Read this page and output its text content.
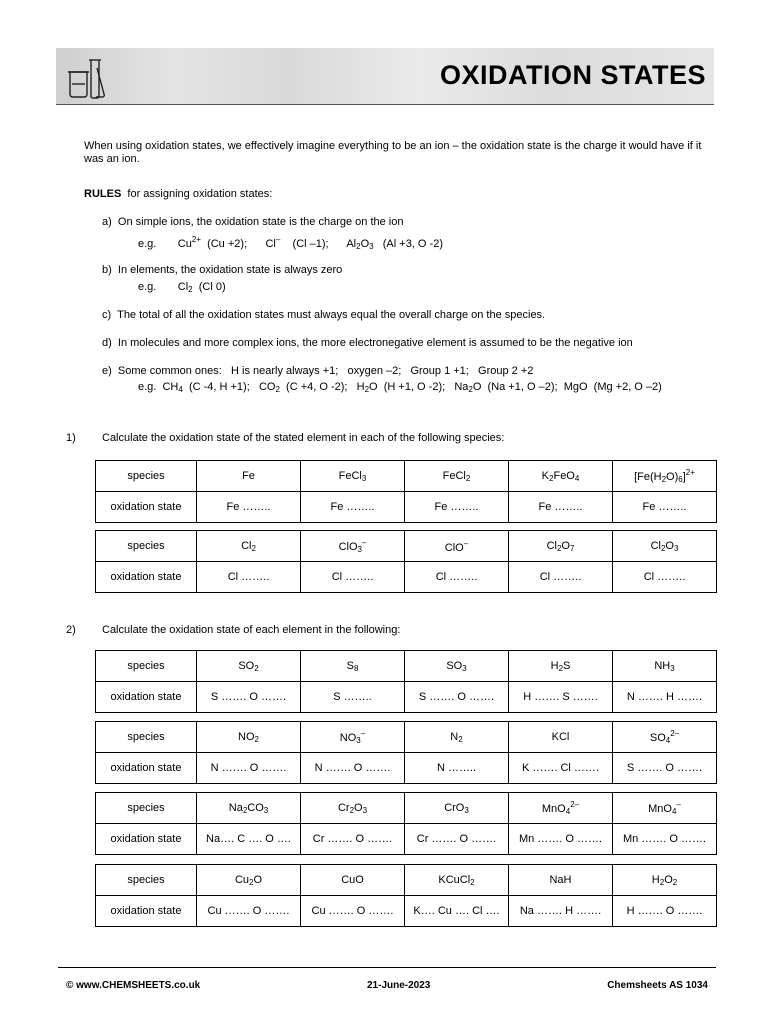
OXIDATION STATES
When using oxidation states, we effectively imagine everything to be an ion – the oxidation state is the charge it would have if it was an ion.
RULES for assigning oxidation states:
a) On simple ions, the oxidation state is the charge on the ion
e.g. $Cu^{2+}$ (Cu +2); Cl– (Cl –1); $Al_2O_3$ (Al +3, O -2)
b) In elements, the oxidation state is always zero
e.g. $Cl_2$ (Cl 0)
c) The total of all the oxidation states must always equal the overall charge on the species.
d) In molecules and more complex ions, the more electronegative element is assumed to be the negative ion
e) Some common ones:   H is nearly always +1;   oxygen –2;   Group 1 +1;   Group 2 +2
e.g. $CH_4$ (C -4, H +1); $CO_2$ (C +4, O -2); $H_2O$ (H +1, O -2); $Na_2O$ (Na +1, O –2); MgO (Mg +2, O –2)
1) Calculate the oxidation state of the stated element in each of the following species:
species	Fe	FeCl$_3$	FeCl$_2$	$K_2FeO_4$	$[Fe(H_2O)_6]^{2+}$
oxidation state	Fe ……..	Fe ……..	Fe ……..	Fe ……..	Fe ……..
species	$Cl_2$	ClO$_3$–	ClO–	$Cl_2O_7$	$Cl_2O_3$
oxidation state	Cl ……..	Cl ……..	Cl ……..	Cl ……..	Cl ……..
2) Calculate the oxidation state of each element in the following:
species	$SO_2$	$S_8$	$SO_3$	$H_2S$	$NH_3$
oxidation state	S ……. O …….	S ……..	S ……. O …….	H ……. S …….	N ……. H …….
species	$NO_2$	$NO_3^-$	$N_2$	KCl	$SO_4^{2-}$
oxidation state	N ……. O …….	N ……. O …….	N ……..	K ……. Cl …….	S ……. O …….
species	$Na_2CO_3$	$Cr_2O_3$	CrO$_3$	MnO$_4^{2-}$	MnO$_4$–
oxidation state	Na…. C …. O ….	Cr ……. O …….	Cr ……. O …….	Mn ……. O …….	Mn ……. O …….
species	$Cu_2O$	CuO	KCuCl$_2$	NaH	$H_2O_2$
oxidation state	Cu ……. O …….	Cu ……. O …….	K…. Cu …. Cl ….	Na ……. H …….	H ……. O …….
© www.CHEMSHEETS.co.uk	21-June-2023	Chemsheets AS 1034
